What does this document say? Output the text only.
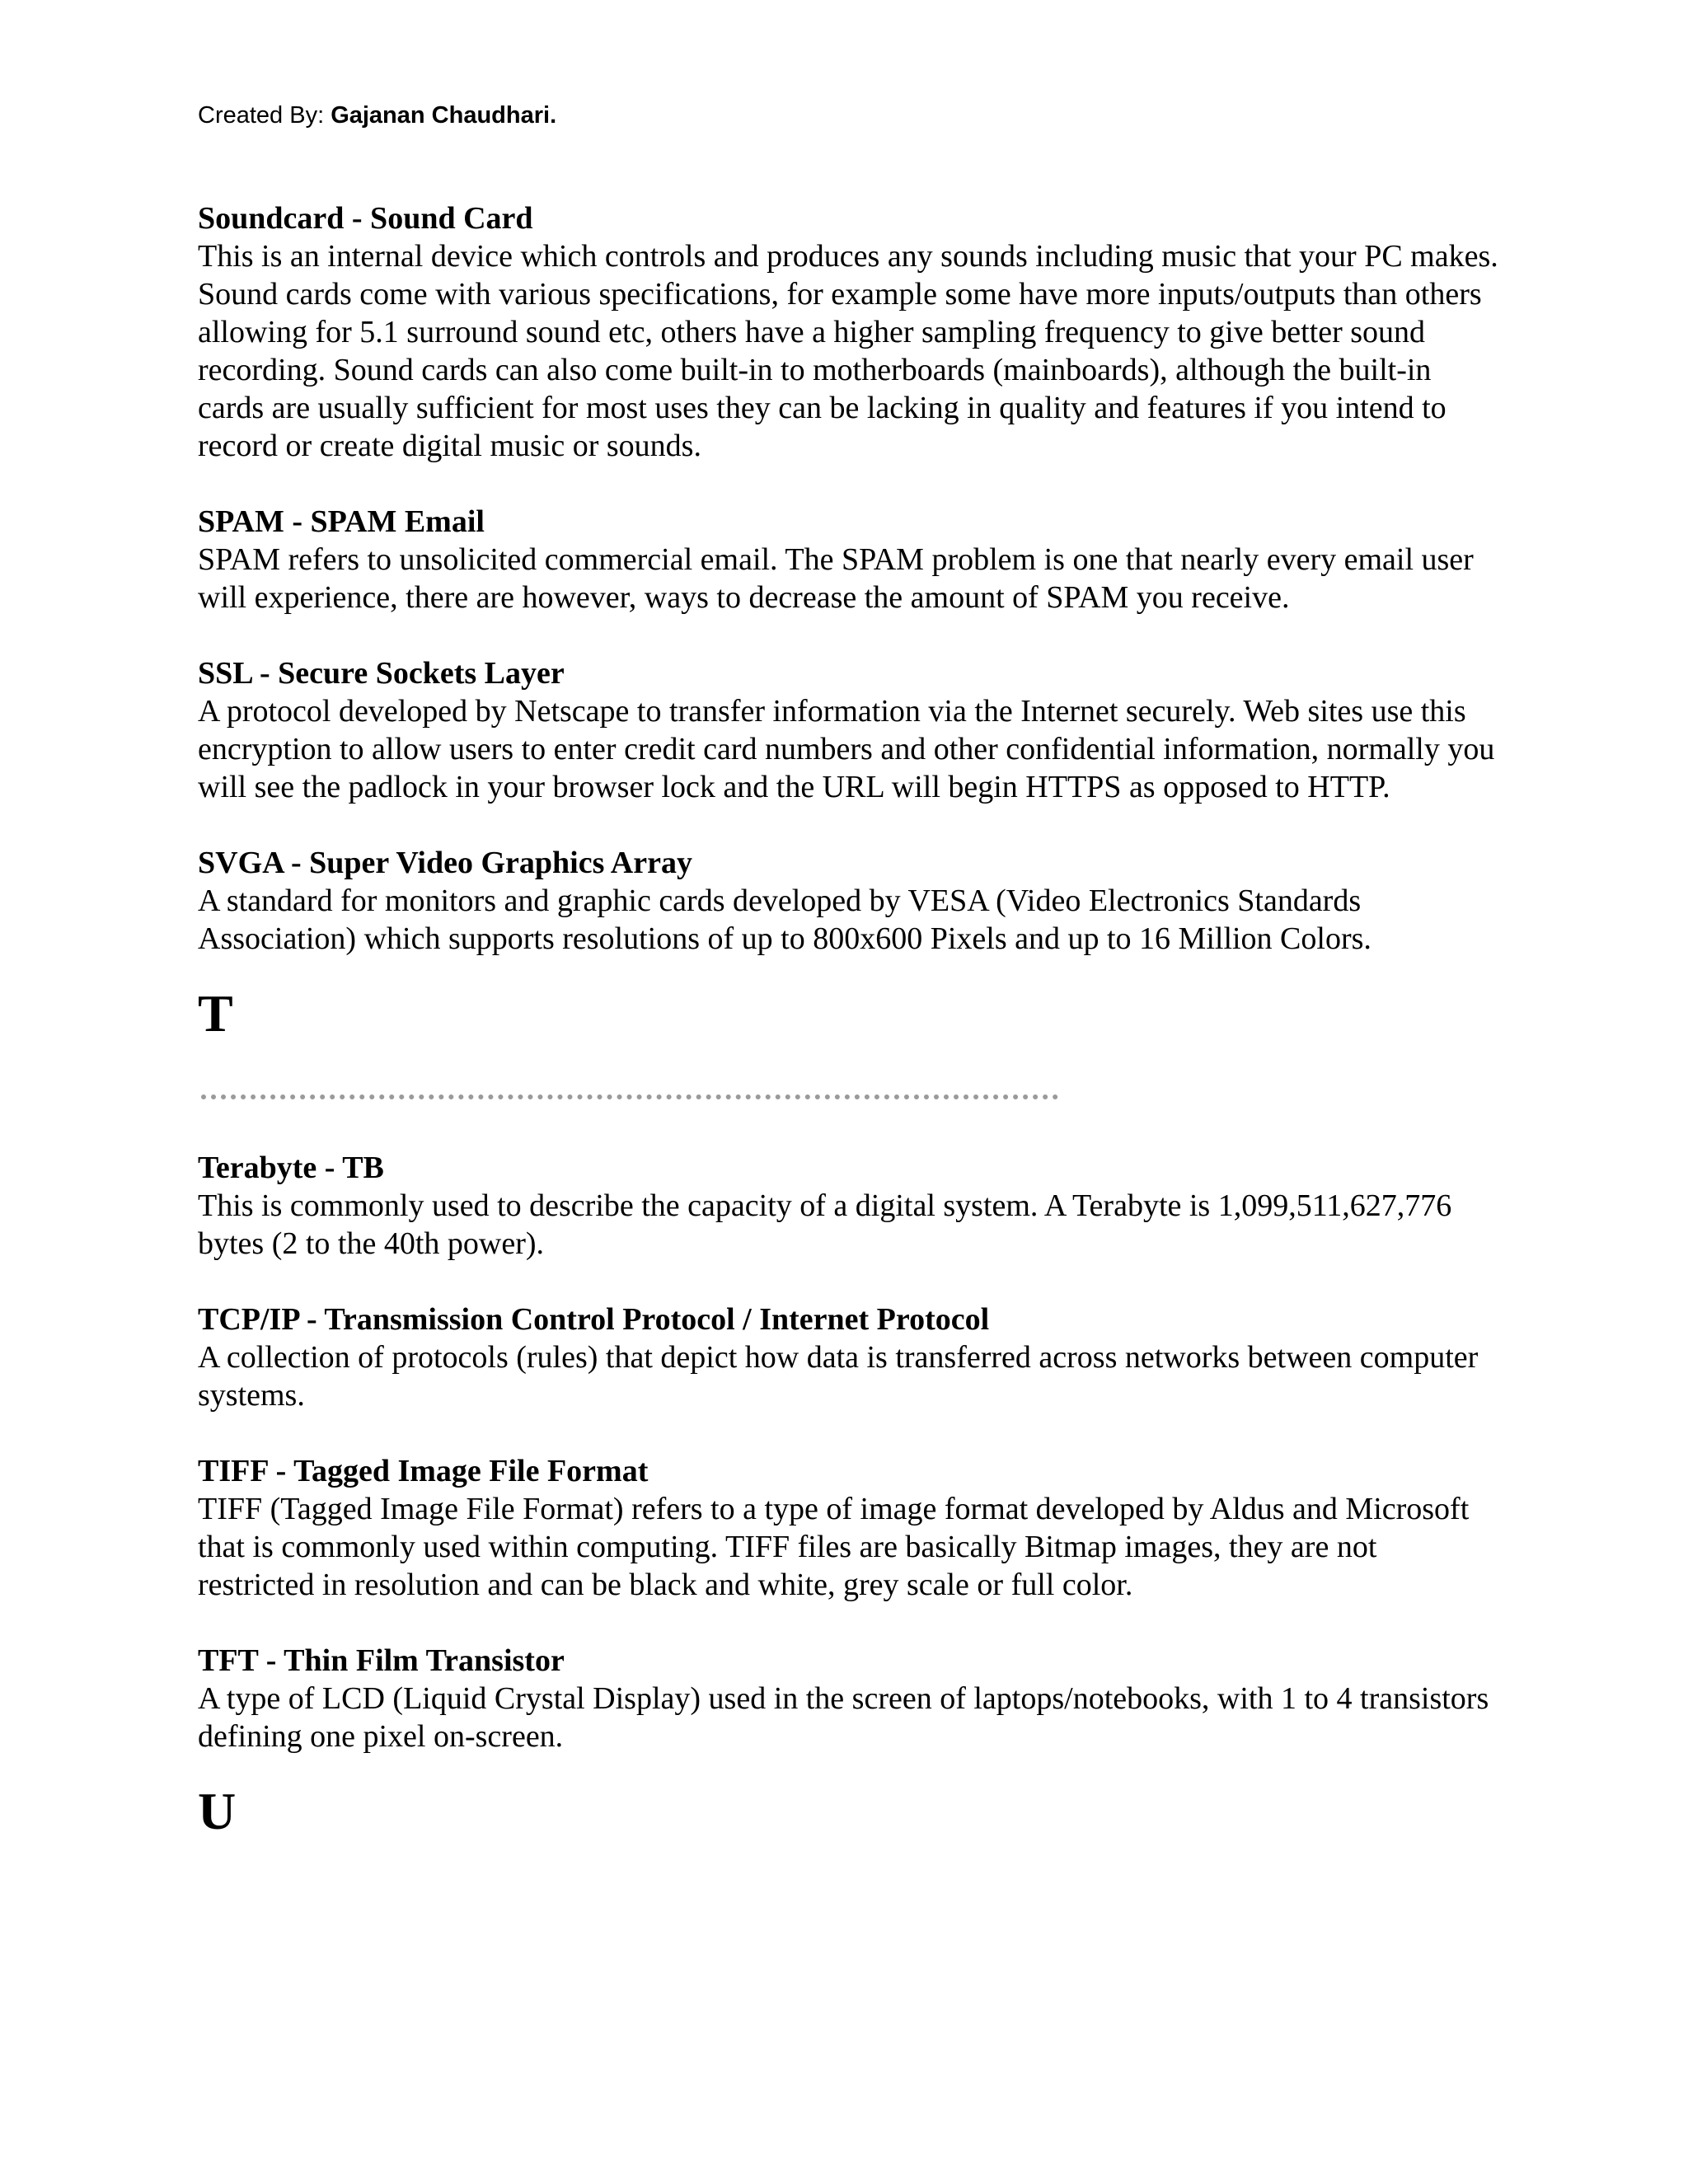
Created By: Gajanan Chaudhari.
Soundcard - Sound Card

This is an internal device which controls and produces any sounds including music that your PC makes. Sound cards come with various specifications, for example some have more inputs/outputs than others allowing for 5.1 surround sound etc, others have a higher sampling frequency to give better sound recording. Sound cards can also come built-in to motherboards (mainboards), although the built-in cards are usually sufficient for most uses they can be lacking in quality and features if you intend to record or create digital music or sounds.

SPAM - SPAM Email

SPAM refers to unsolicited commercial email. The SPAM problem is one that nearly every email user will experience, there are however, ways to decrease the amount of SPAM you receive.

SSL - Secure Sockets Layer

A protocol developed by Netscape to transfer information via the Internet securely. Web sites use this encryption to allow users to enter credit card numbers and other confidential information, normally you will see the padlock in your browser lock and the URL will begin HTTPS as opposed to HTTP.

SVGA - Super Video Graphics Array

A standard for monitors and graphic cards developed by VESA (Video Electronics Standards Association) which supports resolutions of up to 800x600 Pixels and up to 16 Million Colors.

T
Terabyte - TB

This is commonly used to describe the capacity of a digital system. A Terabyte is 1,099,511,627,776 bytes (2 to the 40th power).

TCP/IP - Transmission Control Protocol / Internet Protocol

A collection of protocols (rules) that depict how data is transferred across networks between computer systems.

TIFF - Tagged Image File Format

TIFF (Tagged Image File Format) refers to a type of image format developed by Aldus and Microsoft that is commonly used within computing. TIFF files are basically Bitmap images, they are not restricted in resolution and can be black and white, grey scale or full color.

TFT - Thin Film Transistor

A type of LCD (Liquid Crystal Display) used in the screen of laptops/notebooks, with 1 to 4 transistors defining one pixel on-screen.

U
